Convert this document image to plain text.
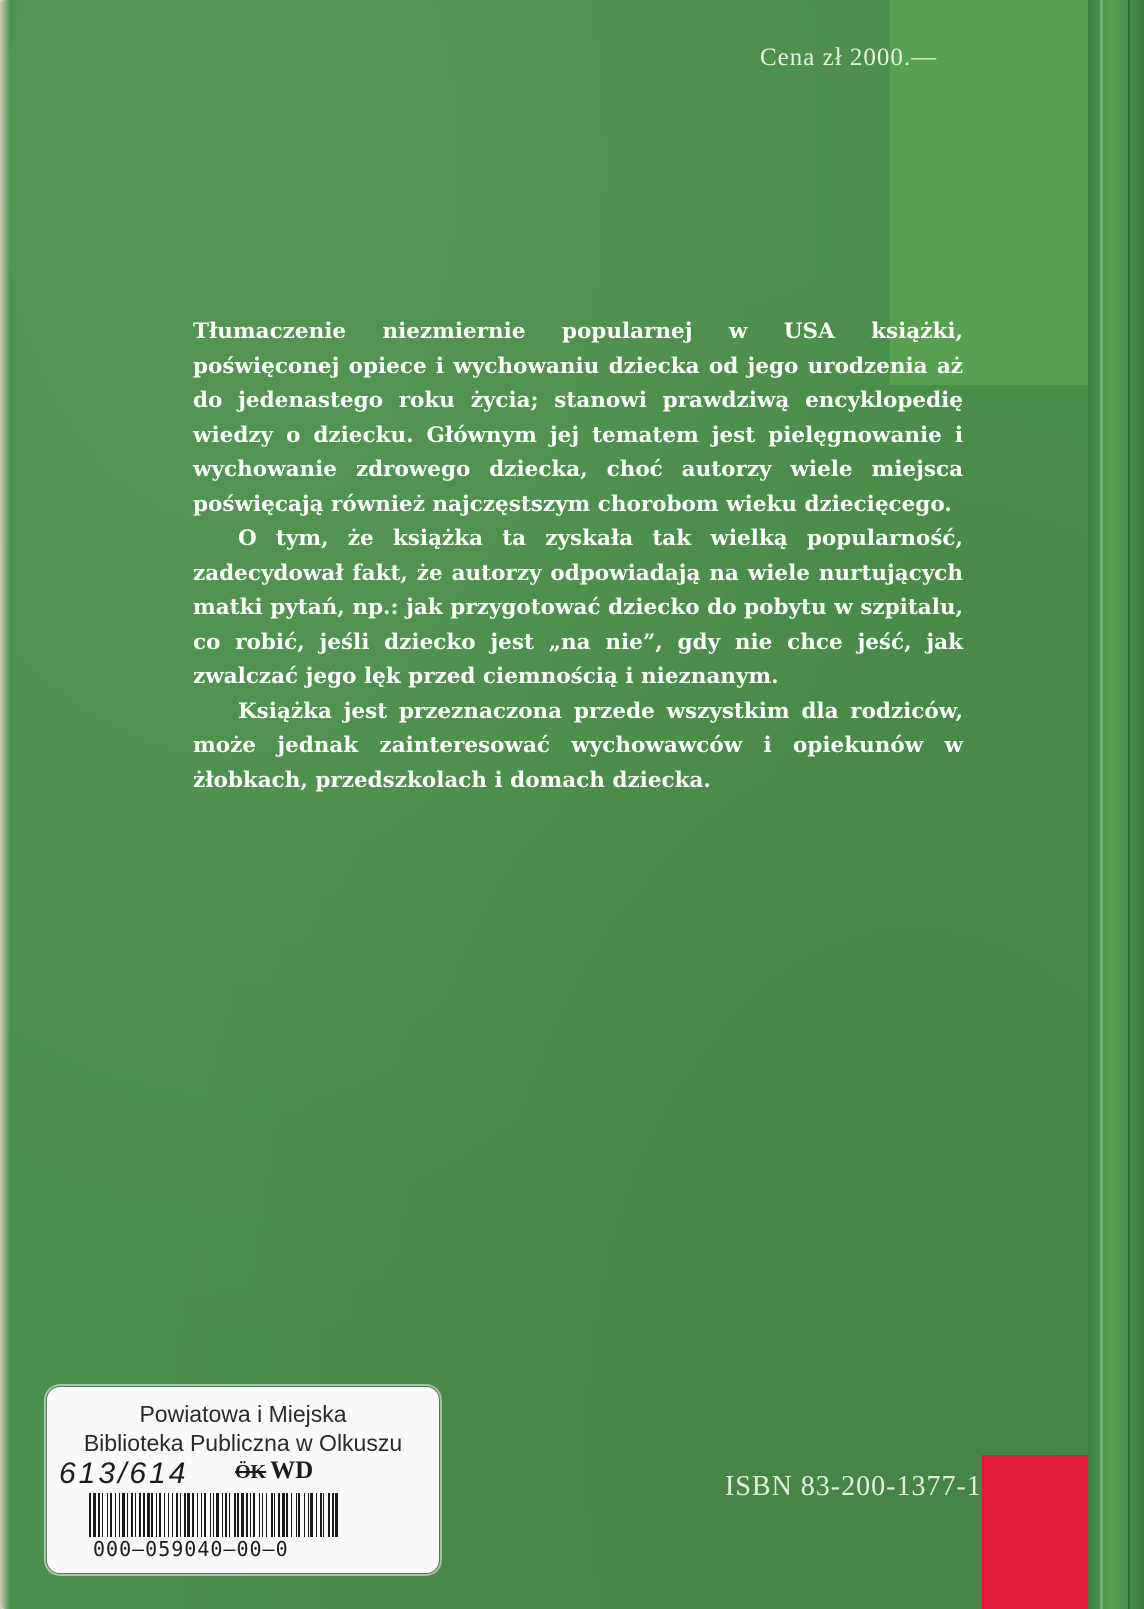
Cena zł 2000.—

Tłumaczenie niezmiernie popularnej w USA książki, poświęconej opiece i wychowaniu dziecka od jego urodzenia aż do jedenastego roku życia; stanowi prawdziwą encyklopedię wiedzy o dziecku. Głównym jej tematem jest pielęgnowanie i wychowanie zdrowego dziecka, choć autorzy wiele miejsca poświęcają również najczęstszym chorobom wieku dziecięcego.

O tym, że książka ta zyskała tak wielką popularność, zadecydował fakt, że autorzy odpowiadają na wiele nurtujących matki pytań, np.: jak przygotować dziecko do pobytu w szpitalu, co robić, jeśli dziecko jest „na nie”, gdy nie chce jeść, jak zwalczać jego lęk przed ciemnością i nieznanym.

Książka jest przeznaczona przede wszystkim dla rodziców, może jednak zainteresować wychowawców i opiekunów w żłobkach, przedszkolach i domach dziecka.

ISBN 83-200-1377-1
Powiatowa i Miejska
Biblioteka Publiczna w Olkuszu
613/614 ÖK WD
000–059040–00–0
